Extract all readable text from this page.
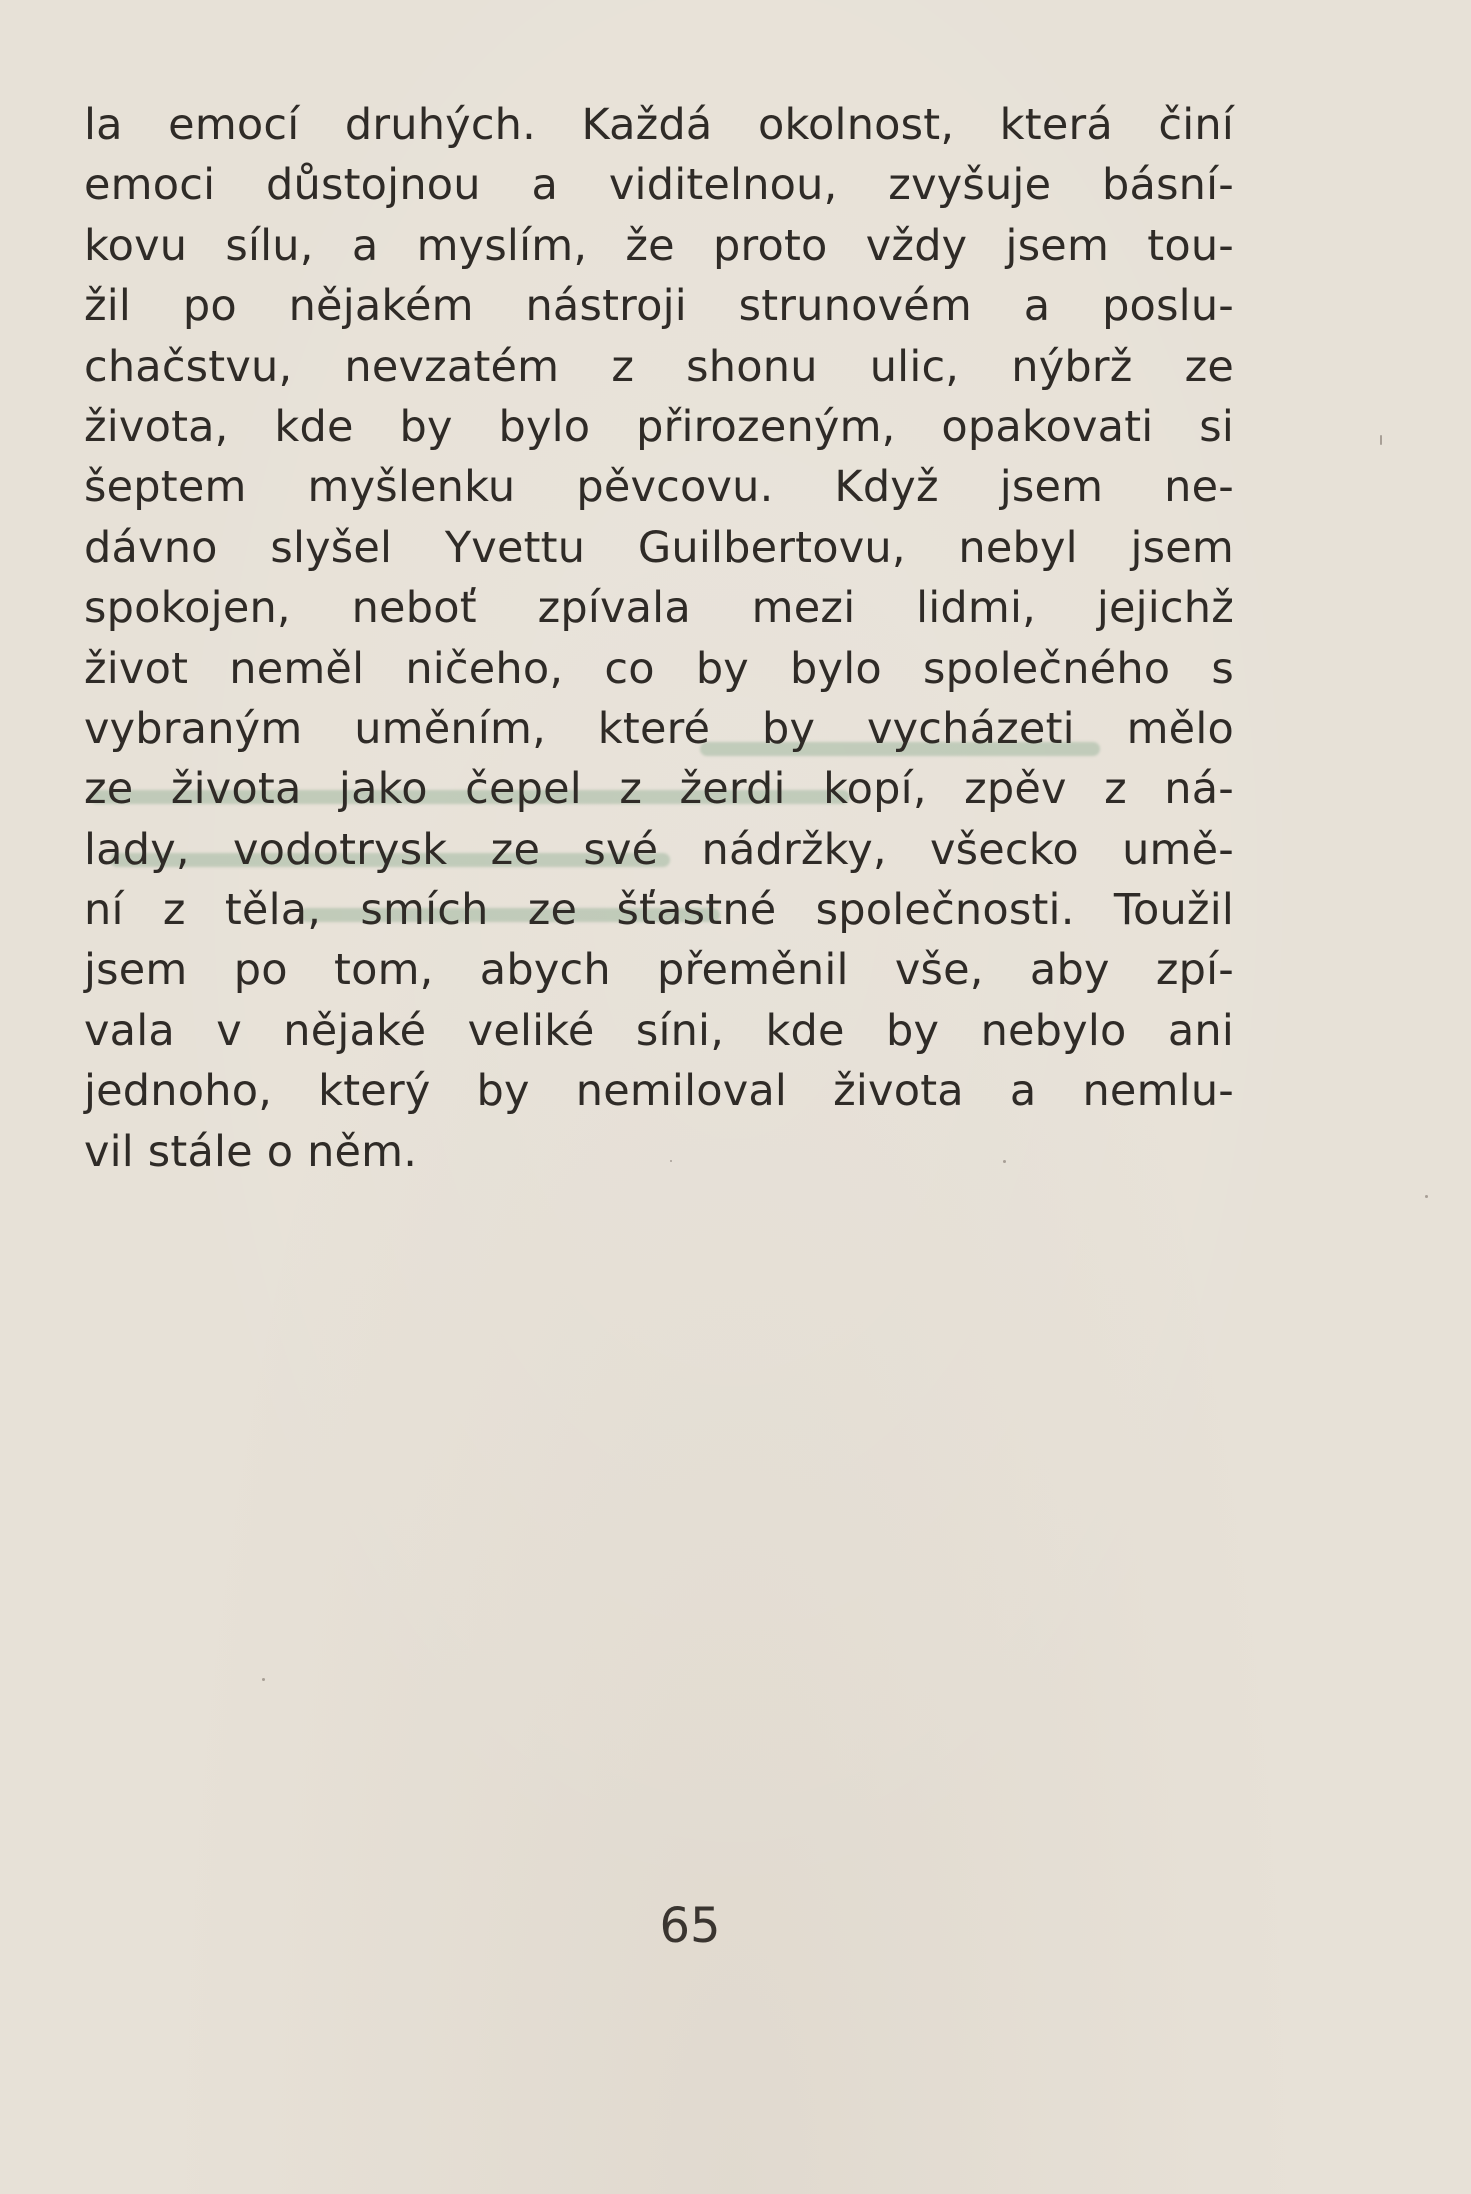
la emocí druhých. Každá okolnost, která činí
emoci důstojnou a viditelnou, zvyšuje básní-
kovu sílu, a myslím, že proto vždy jsem tou-
žil po nějakém nástroji strunovém a poslu-
chačstvu, nevzatém z shonu ulic, nýbrž ze
života, kde by bylo přirozeným, opakovati si
šeptem myšlenku pěvcovu. Když jsem ne-
dávno slyšel Yvettu Guilbertovu, nebyl jsem
spokojen, neboť zpívala mezi lidmi, jejichž
život neměl ničeho, co by bylo společného s
vybraným uměním, které by vycházeti mělo
ze života jako čepel z žerdi kopí, zpěv z ná-
lady, vodotrysk ze své nádržky, všecko umě-
ní z těla, smích ze šťastné společnosti. Toužil
jsem po tom, abych přeměnil vše, aby zpí-
vala v nějaké veliké síni, kde by nebylo ani
jednoho, který by nemiloval života a nemlu-
vil stále o něm.
65
